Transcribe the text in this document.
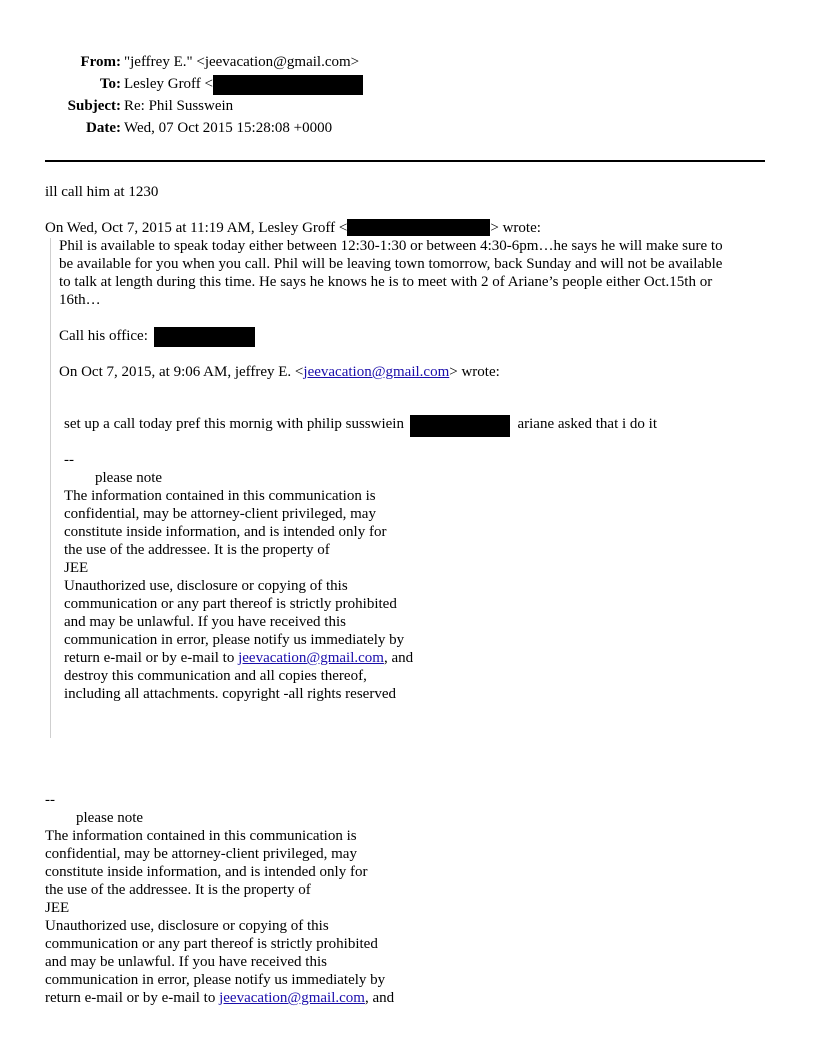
From: "jeffrey E." <jeevacation@gmail.com>
To: Lesley Groff <
Subject: Re: Phil Susswein
Date: Wed, 07 Oct 2015 15:28:08 +0000
ill call him at 1230
On Wed, Oct 7, 2015 at 11:19 AM, Lesley Groff <	> wrote:
Phil is available to speak today either between 12:30-1:30 or between 4:30-6pm…he says he will make sure to
be available for you when you call. Phil will be leaving town tomorrow, back Sunday and will not be available
to talk at length during this time. He says he knows he is to meet with 2 of Ariane’s people either Oct.15th or
16th…
Call his office:
On Oct 7, 2015, at 9:06 AM, jeffrey E. <jeevacation@gmail.com> wrote:
set up a call today pref this mornig with philip susswiein	ariane asked that i do it
--
please note
The information contained in this communication is
confidential, may be attorney-client privileged, may
constitute inside information, and is intended only for
the use of the addressee. It is the property of
JEE
Unauthorized use, disclosure or copying of this
communication or any part thereof is strictly prohibited
and may be unlawful. If you have received this
communication in error, please notify us immediately by
return e-mail or by e-mail to jeevacation@gmail.com, and
destroy this communication and all copies thereof,
including all attachments. copyright -all rights reserved
--
please note
The information contained in this communication is
confidential, may be attorney-client privileged, may
constitute inside information, and is intended only for
the use of the addressee. It is the property of
JEE
Unauthorized use, disclosure or copying of this
communication or any part thereof is strictly prohibited
and may be unlawful. If you have received this
communication in error, please notify us immediately by
return e-mail or by e-mail to jeevacation@gmail.com, and
